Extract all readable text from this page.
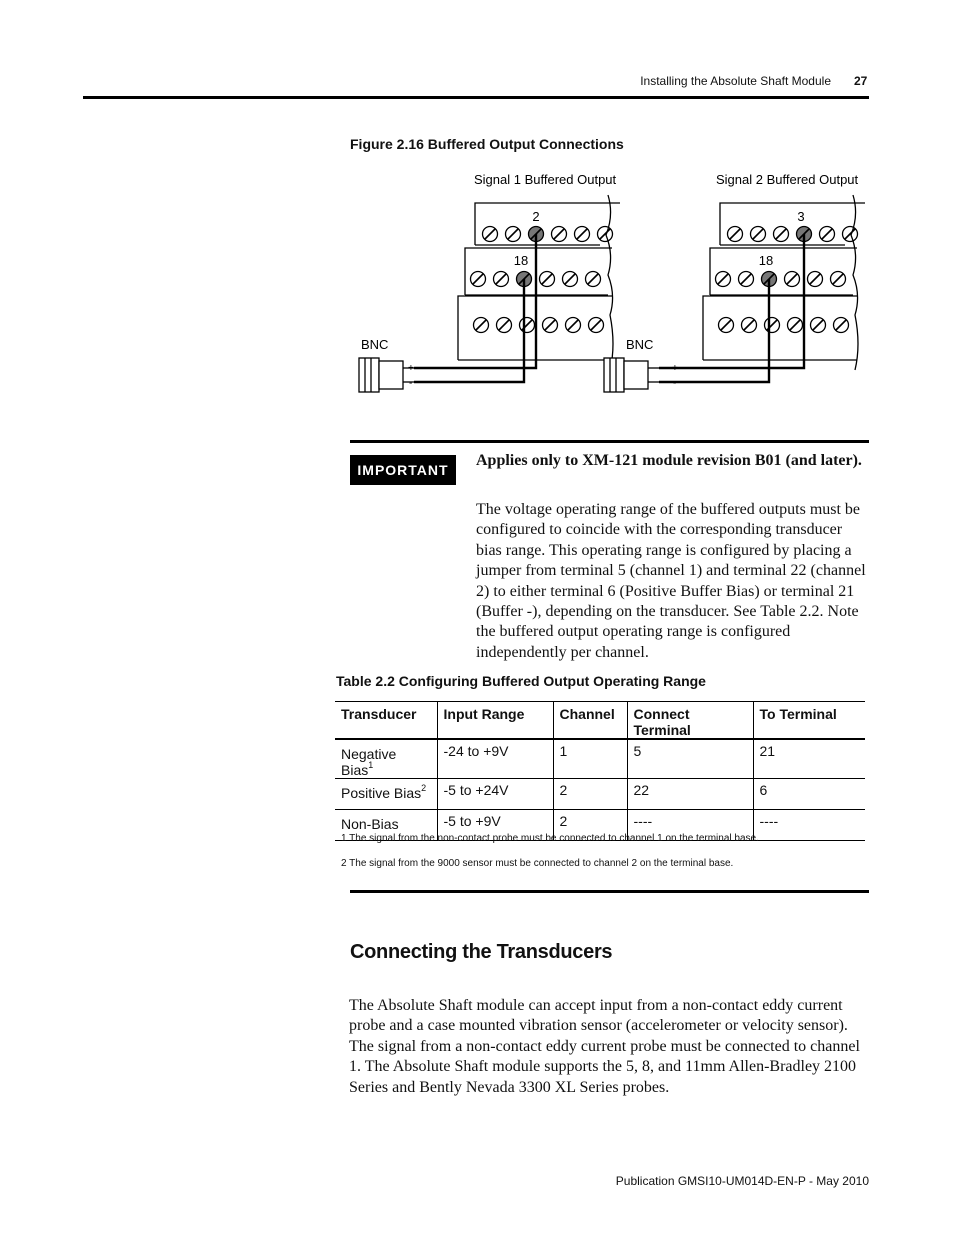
Installing the Absolute Shaft Module 27
Figure 2.16 Buffered Output Connections
Signal 1 Buffered Output	Signal 2 Buffered Output
2	3
18	18
BNC	BNC
+
-
+
-
IMPORTANT
Applies only to XM-121 module revision B01 (and later).
The voltage operating range of the buffered outputs must be configured to coincide with the corresponding transducer bias range. This operating range is configured by placing a jumper from terminal 5 (channel 1) and terminal 22 (channel 2) to either terminal 6 (Positive Buffer Bias) or terminal 21 (Buffer -), depending on the transducer. See Table 2.2. Note the buffered output operating range is configured independently per channel.
Table 2.2 Configuring Buffered Output Operating Range
Transducer	Input Range	Channel	Connect Terminal	To Terminal
Negative Bias$^1$	-24 to +9V	1	5	21
Positive Bias$^2$	-5 to +24V	2	22	6
Non-Bias	-5 to +9V	2	----	----
1 The signal from the non-contact probe must be connected to channel 1 on the terminal base.
2 The signal from the 9000 sensor must be connected to channel 2 on the terminal base.
Connecting the Transducers
The Absolute Shaft module can accept input from a non-contact eddy current probe and a case mounted vibration sensor (accelerometer or velocity sensor). The signal from a non-contact eddy current probe must be connected to channel 1. The Absolute Shaft module supports the 5, 8, and 11mm Allen-Bradley 2100 Series and Bently Nevada 3300 XL Series probes.
Publication GMSI10-UM014D-EN-P - May 2010
